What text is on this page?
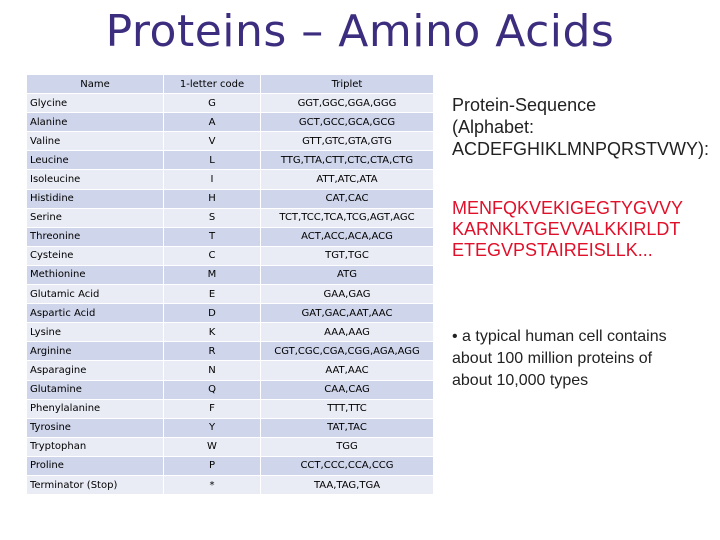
Proteins – Amino Acids
Name	1-letter code	Triplet
Glycine	G	GGT,GGC,GGA,GGG
Alanine	A	GCT,GCC,GCA,GCG
Valine	V	GTT,GTC,GTA,GTG
Leucine	L	TTG,TTA,CTT,CTC,CTA,CTG
Isoleucine	I	ATT,ATC,ATA
Histidine	H	CAT,CAC
Serine	S	TCT,TCC,TCA,TCG,AGT,AGC
Threonine	T	ACT,ACC,ACA,ACG
Cysteine	C	TGT,TGC
Methionine	M	ATG
Glutamic Acid	E	GAA,GAG
Aspartic Acid	D	GAT,GAC,AAT,AAC
Lysine	K	AAA,AAG
Arginine	R	CGT,CGC,CGA,CGG,AGA,AGG
Asparagine	N	AAT,AAC
Glutamine	Q	CAA,CAG
Phenylalanine	F	TTT,TTC
Tyrosine	Y	TAT,TAC
Tryptophan	W	TGG
Proline	P	CCT,CCC,CCA,CCG
Terminator (Stop)	*	TAA,TAG,TGA
Protein-Sequence
(Alphabet:
ACDEFGHIKLMNPQRSTVWY):
MENFQKVEKIGEGTYGVVY
KARNKLTGEVVALKKIRLDT
ETEGVPSTAIREISLLK...
• a typical human cell contains about 100 million proteins of about 10,000 types
